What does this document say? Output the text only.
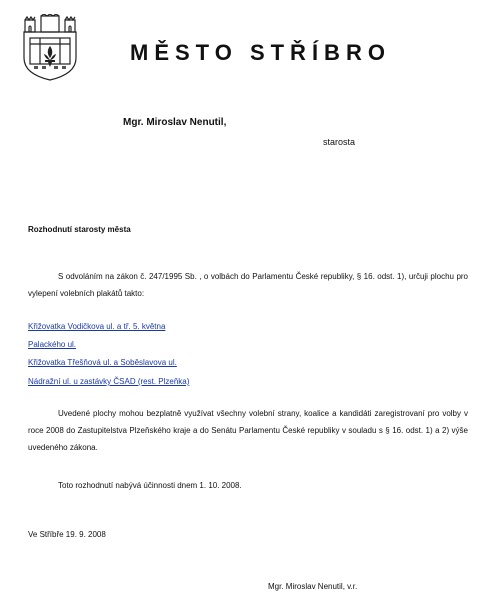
MĚSTO STŘÍBRO
Mgr. Miroslav Nenutil,
starosta
Rozhodnutí starosty města
S odvoláním na zákon č. 247/1995 Sb. , o volbách do Parlamentu České republiky, § 16. odst. 1), určuji plochu pro vylepení volebních plakátů takto:
Křižovatka Vodičkova ul. a tř. 5. května
Palackého ul.
Křižovatka Třešňová ul. a Soběslavova ul.
Nádražní ul. u zastávky ČSAD (rest. Plzeňka)
Uvedené plochy mohou bezplatně využívat všechny volební strany, koalice a kandidáti zaregistrovaní pro volby v roce 2008 do Zastupitelstva Plzeňského kraje a do Senátu Parlamentu České republiky v souladu s § 16. odst. 1) a 2) výše uvedeného zákona.
Toto rozhodnutí nabývá účinnosti dnem 1. 10. 2008.
Ve Stříbře 19. 9. 2008
Mgr. Miroslav Nenutil, v.r.
